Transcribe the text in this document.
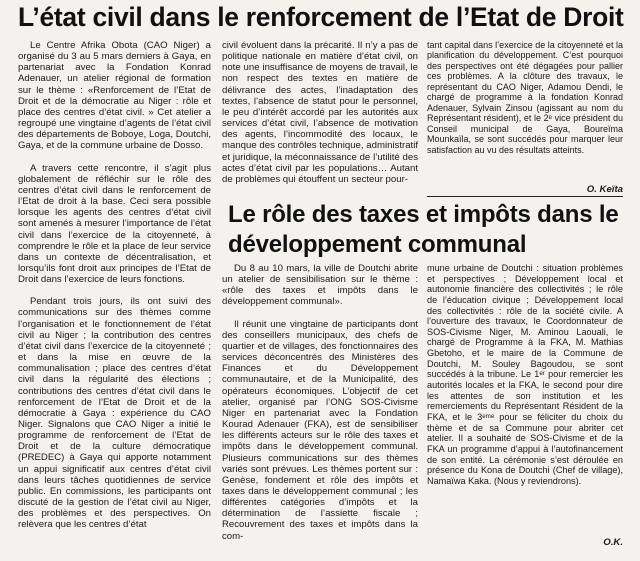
L’état civil dans le renforcement de l’Etat de Droit

Le Centre Afrika Obota (CAO Niger) a organisé du 3 au 5 mars derniers à Gaya, en partenariat avec la Fondation Konrad Adenauer, un atelier régional de formation sur le thème : «Renforcement de l’Etat de Droit et de la démocratie au Niger : rôle et place des centres d’état civil. » Cet atelier a regroupé une vingtaine d’agents de l’état civil des départements de Boboye, Loga, Doutchi, Gaya, et de la commune urbaine de Dosso.

A travers cette rencontre, il s’agit plus globalement de réfléchir sur le rôle des centres d’état civil dans le renforcement de l’Etat de droit à la base. Ceci sera possible lorsque les agents des centres d’état civil sont amenés à mesurer l’importance de l’état civil dans l’exercice de la citoyenneté, à comprendre le rôle et la place de leur service dans un contexte de décentralisation, et lorsqu’ils font droit aux principes de l’Etat de Droit dans l’exercice de leurs fonctions.

Pendant trois jours, ils ont suivi des communications sur des thèmes comme l’organisation et le fonctionnement de l’état civil au Niger ; la contribution des centres d’état civil dans l’exercice de la citoyenneté ; et dans la mise en œuvre de la communalisation ; place des centres d’état civil dans la régularité des élections ; contributions des centres d’état civil dans le renforcement de l’Etat de Droit et de la démocratie à Gaya : expérience du CAO Niger. Signalons que CAO Niger a initié le programme de renforcement de l’Etat de Droit et de la culture démocratique (PREDEC) à Gaya qui apporte notamment un appui significatif aux centres d’état civil dans leurs tâches quotidiennes de service public. En commissions, les participants ont discuté de la gestion de l’état civil au Niger, des problèmes et des perspectives. On relèvera que les centres d’état

civil évoluent dans la précarité. Il n’y a pas de politique nationale en matière d’état civil, on note une insuffisance de moyens de travail, le non respect des textes en matière de délivrance des actes, l’inadaptation des textes, l’absence de statut pour le personnel, le peu d’intérêt accordé par les autorités aux services d’état civil, l’absence de motivation des agents, l’incommodité des locaux, le manque des contrôles technique, administratif et juridique, la méconnaissance de l’utilité des actes d’état civil par les populations… Autant de problèmes qui étouffent un secteur pour-

tant capital dans l’exercice de la citoyenneté et la planification du développement. C’est pourquoi des perspectives ont été dégagées pour pallier ces problèmes. A la clôture des travaux, le représentant du CAO Niger, Adamou Dendi, le chargé de programme à la fondation Konrad Adenauer, Sylvain Zinsou (agissant au nom du Représentant résident), et le 2ᵉ vice président du Conseil municipal de Gaya, Boureïma Mounkaïla, se sont succédés pour marquer leur satisfaction au vu des résultats atteints.

O. Keïta
Le rôle des taxes et impôts dans le développement communal

Du 8 au 10 mars, la ville de Doutchi abrite un atelier de sensibilisation sur le thème : «rôle des taxes et impôts dans le développement communal».

Il réunit une vingtaine de participants dont des conseillers municipaux, des chefs de quartier et de villages, des fonctionnaires des services déconcentrés des Ministères des Finances et du Développement communautaire, et de la Municipalité, des opérateurs économiques. L’objectif de cet atelier, organisé par l’ONG SOS-Civisme Niger en partenariat avec la Fondation Kourad Adenauer (FKA), est de sensibiliser les différents acteurs sur le rôle des taxes et impôts dans le développement communal. Plusieurs communications sur des thèmes variés sont prévues. Les thèmes portent sur : Genèse, fondement et rôle des impôts et taxes dans le développement communal ; les différentes catégories d’impôts et la détermination de l’assiette fiscale ; Recouvrement des taxes et impôts dans la com-

mune urbaine de Doutchi : situation problèmes et perspectives ; Développement local et autonomie financière des collectivités ; le rôle de l’éducation civique ; Développement local des collectivités : rôle de la société civile. A l’ouverture des travaux, le Coordonnateur de SOS-Civisme Niger, M. Aminou Laouali, le chargé de Programme à la FKA, M. Mathias Gbetoho, et le maire de la Commune de Doutchi, M. Souley Bagoudou, se sont succédés à la tribune. Le 1ᵉʳ pour remercier les autorités locales et la FKA, le second pour dire les attentes de son institution et les remerciements du Représentant Résident de la FKA, et le 3ᵉᵐᵉ pour se féliciter du choix du thème et de sa Commune pour abriter cet atelier. Il a souhaité de SOS-Civisme et de la FKA un programme d’appui à l’autofinancement de son entité. La cérémonie s’est déroulée en présence du Kona de Doutchi (Chef de village), Namaïwa Kaka. (Nous y reviendrons).

O.K.
